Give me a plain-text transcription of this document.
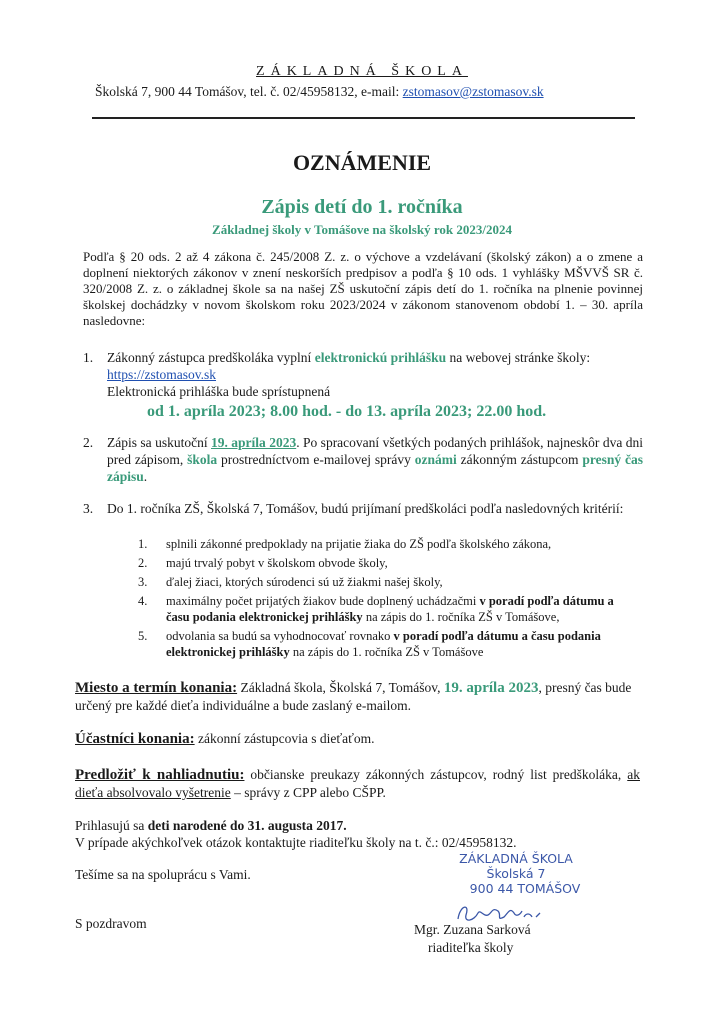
ZÁKLADNÁ ŠKOLA
Školská 7, 900 44 Tomášov, tel. č. 02/45958132, e-mail: zstomasov@zstomasov.sk
OZNÁMENIE
Zápis detí do 1. ročníka
Základnej školy v Tomášove na školský rok 2023/2024

Podľa § 20 ods. 2 až 4 zákona č. 245/2008 Z. z. o výchove a vzdelávaní (školský zákon) a o zmene a doplnení niektorých zákonov v znení neskorších predpisov a podľa § 10 ods. 1 vyhlášky MŠVVŠ SR č. 320/2008 Z. z. o základnej škole sa na našej ZŠ uskutoční zápis detí do 1. ročníka na plnenie povinnej školskej dochádzky v novom školskom roku 2023/2024 v zákonom stanovenom období 1. – 30. apríla nasledovne:

1.	Zákonný zástupca predškoláka vyplní elektronickú prihlášku na webovej stránke školy:
https://zstomasov.sk
Elektronická prihláška bude sprístupnená

od 1. apríla 2023; 8.00 hod. - do 13. apríla 2023; 22.00 hod.
2.	Zápis sa uskutoční 19. apríla 2023. Po spracovaní všetkých podaných prihlášok, najneskôr dva dni pred zápisom, škola prostredníctvom e-mailovej správy oznámi zákonným zástupcom presný čas zápisu.
3.	Do 1. ročníka ZŠ, Školská 7, Tomášov, budú prijímaní predškoláci podľa nasledovných kritérií:
1. splnili zákonné predpoklady na prijatie žiaka do ZŠ podľa školského zákona,
2. majú trvalý pobyt v školskom obvode školy,
3. ďalej žiaci, ktorých súrodenci sú už žiakmi našej školy,
4. maximálny počet prijatých žiakov bude doplnený uchádzačmi v poradí podľa dátumu a času podania elektronickej prihlášky na zápis do 1. ročníka ZŠ v Tomášove,
5. odvolania sa budú sa vyhodnocovať rovnako v poradí podľa dátumu a času podania elektronickej prihlášky na zápis do 1. ročníka ZŠ v Tomášove
Miesto a termín konania: Základná škola, Školská 7, Tomášov, 19. apríla 2023, presný čas bude určený pre každé dieťa individuálne a bude zaslaný e-mailom.
Účastníci konania: zákonní zástupcovia s dieťaťom.
Predložiť k nahliadnutiu: občianske preukazy zákonných zástupcov, rodný list predškoláka, ak dieťa absolvovalo vyšetrenie – správy z CPP alebo CŠPP.
Prihlasujú sa deti narodené do 31. augusta 2017.
V prípade akýchkoľvek otázok kontaktujte riaditeľku školy na t. č.: 02/45958132.
ZÁKLADNÁ ŠKOLA
Školská 7
900 44 TOMÁŠOV
Tešíme sa na spoluprácu s Vami.
S pozdravom	Mgr. Zuzana Sarková
riaditeľka školy
